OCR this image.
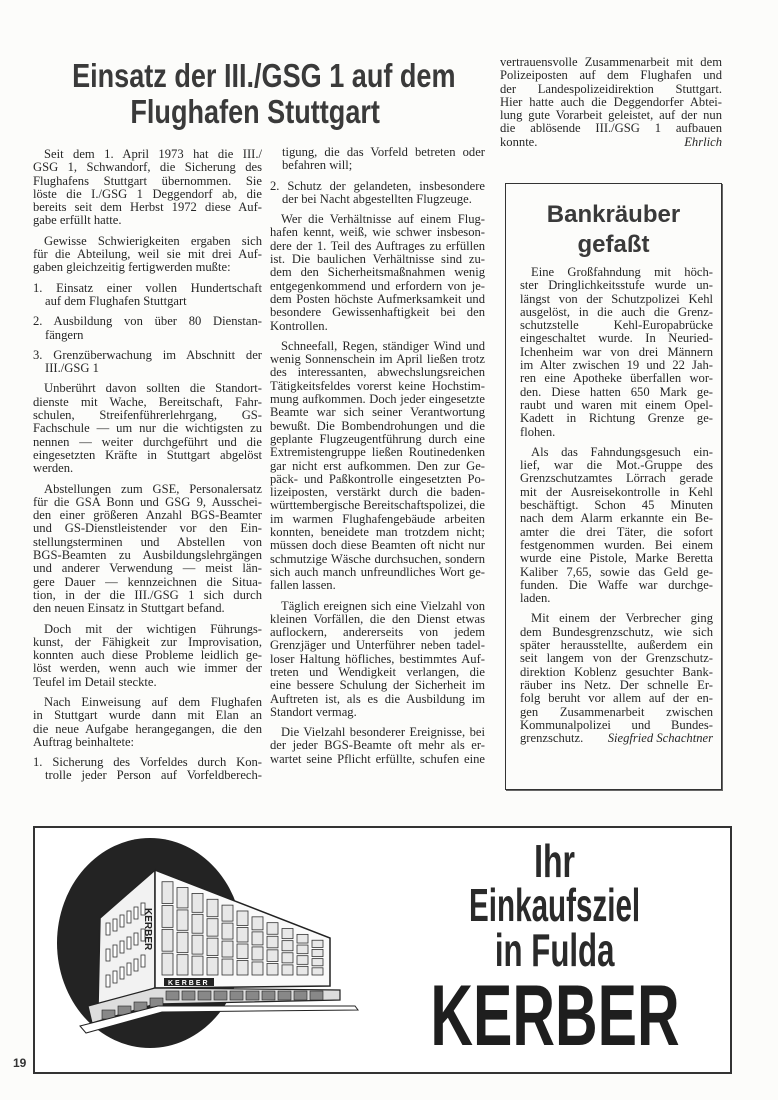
Einsatz der III./GSG 1 auf dem
Flughafen Stuttgart
Seit dem 1. April 1973 hat die III./
GSG 1, Schwandorf, die Sicherung des
Flughafens Stuttgart übernommen. Sie
löste die I./GSG 1 Deggendorf ab, die
bereits seit dem Herbst 1972 diese Auf-
gabe erfüllt hatte.
Gewisse Schwierigkeiten ergaben sich
für die Abteilung, weil sie mit drei Auf-
gaben gleichzeitig fertigwerden mußte:
1. Einsatz einer vollen Hundertschaft
auf dem Flughafen Stuttgart
2. Ausbildung von über 80 Dienstan-
fängern
3. Grenzüberwachung im Abschnitt der
III./GSG 1
Unberührt davon sollten die Standort-
dienste mit Wache, Bereitschaft, Fahr-
schulen, Streifenführerlehrgang, GS-
Fachschule — um nur die wichtigsten zu
nennen — weiter durchgeführt und die
eingesetzten Kräfte in Stuttgart abgelöst
werden.
Abstellungen zum GSE, Personalersatz
für die GSA Bonn und GSG 9, Ausschei-
den einer größeren Anzahl BGS-Beamter
und GS-Dienstleistender vor den Ein-
stellungsterminen und Abstellen von
BGS-Beamten zu Ausbildungslehrgängen
und anderer Verwendung — meist län-
gere Dauer — kennzeichnen die Situa-
tion, in der die III./GSG 1 sich durch
den neuen Einsatz in Stuttgart befand.
Doch mit der wichtigen Führungs-
kunst, der Fähigkeit zur Improvisation,
konnten auch diese Probleme leidlich ge-
löst werden, wenn auch wie immer der
Teufel im Detail steckte.
Nach Einweisung auf dem Flughafen
in Stuttgart wurde dann mit Elan an
die neue Aufgabe herangegangen, die den
Auftrag beinhaltete:
1. Sicherung des Vorfeldes durch Kon-
trolle jeder Person auf Vorfeldberech-
tigung, die das Vorfeld betreten oder
befahren will;
2. Schutz der gelandeten, insbesondere
der bei Nacht abgestellten Flugzeuge.
Wer die Verhältnisse auf einem Flug-
hafen kennt, weiß, wie schwer insbeson-
dere der 1. Teil des Auftrages zu erfüllen
ist. Die baulichen Verhältnisse sind zu-
dem den Sicherheitsmaßnahmen wenig
entgegenkommend und erfordern von je-
dem Posten höchste Aufmerksamkeit und
besondere Gewissenhaftigkeit bei den
Kontrollen.
Schneefall, Regen, ständiger Wind und
wenig Sonnenschein im April ließen trotz
des interessanten, abwechslungsreichen
Tätigkeitsfeldes vorerst keine Hochstim-
mung aufkommen. Doch jeder eingesetzte
Beamte war sich seiner Verantwortung
bewußt. Die Bombendrohungen und die
geplante Flugzeugentführung durch eine
Extremistengruppe ließen Routinedenken
gar nicht erst aufkommen. Den zur Ge-
päck- und Paßkontrolle eingesetzten Po-
lizeiposten, verstärkt durch die baden-
württembergische Bereitschaftspolizei, die
im warmen Flughafengebäude arbeiten
konnten, beneidete man trotzdem nicht;
müssen doch diese Beamten oft nicht nur
schmutzige Wäsche durchsuchen, sondern
sich auch manch unfreundliches Wort ge-
fallen lassen.
Täglich ereignen sich eine Vielzahl von
kleinen Vorfällen, die den Dienst etwas
auflockern, andererseits von jedem
Grenzjäger und Unterführer neben tadel-
loser Haltung höfliches, bestimmtes Auf-
treten und Wendigkeit verlangen, die
eine bessere Schulung der Sicherheit im
Auftreten ist, als es die Ausbildung im
Standort vermag.
Die Vielzahl besonderer Ereignisse, bei
der jeder BGS-Beamte oft mehr als er-
wartet seine Pflicht erfüllte, schufen eine
vertrauensvolle Zusammenarbeit mit dem
Polizeiposten auf dem Flughafen und
der Landespolizeidirektion Stuttgart.
Hier hatte auch die Deggendorfer Abtei-
lung gute Vorarbeit geleistet, auf der nun
die ablösende III./GSG 1 aufbauen
konnte.	Ehrlich
Bankräuber
gefaßt
Eine Großfahndung mit höch-
ster Dringlichkeitsstufe wurde un-
längst von der Schutzpolizei Kehl
ausgelöst, in die auch die Grenz-
schutzstelle Kehl-Europabrücke
eingeschaltet wurde. In Neuried-
Ichenheim war von drei Männern
im Alter zwischen 19 und 22 Jah-
ren eine Apotheke überfallen wor-
den. Diese hatten 650 Mark ge-
raubt und waren mit einem Opel-
Kadett in Richtung Grenze ge-
flohen.
Als das Fahndungsgesuch ein-
lief, war die Mot.-Gruppe des
Grenzschutzamtes Lörrach gerade
mit der Ausreisekontrolle in Kehl
beschäftigt. Schon 45 Minuten
nach dem Alarm erkannte ein Be-
amter die drei Täter, die sofort
festgenommen wurden. Bei einem
wurde eine Pistole, Marke Beretta
Kaliber 7,65, sowie das Geld ge-
funden. Die Waffe war durchge-
laden.
Mit einem der Verbrecher ging
dem Bundesgrenzschutz, wie sich
später herausstellte, außerdem ein
seit langem von der Grenzschutz-
direktion Koblenz gesuchter Bank-
räuber ins Netz. Der schnelle Er-
folg beruht vor allem auf der en-
gen Zusammenarbeit zwischen
Kommunalpolizei und Bundes-
grenzschutz. Siegfried Schachtner
KERBER
KERBER
Ihr
Einkaufsziel
in Fulda
KERBER
19
